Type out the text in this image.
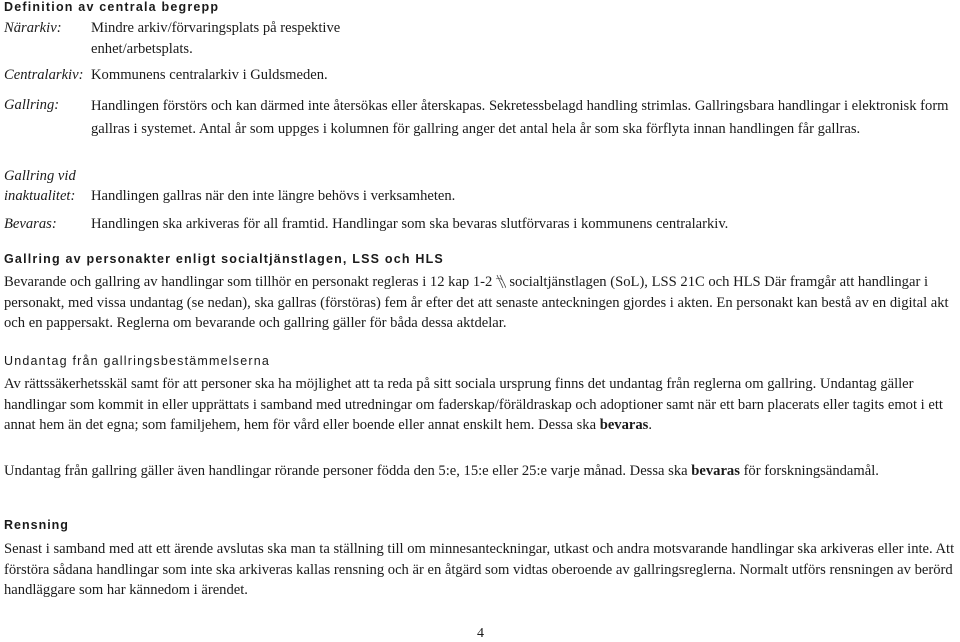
Definition av centrala begrepp
Närarkiv:	Mindre arkiv/förvaringsplats på respektive enhet/arbetsplats.
Centralarkiv: Kommunens centralarkiv i Guldsmeden.
Gallring:	Handlingen förstörs och kan därmed inte återsökas eller återskapas. Sekretessbelagd handling strimlas. Gallringsbara handlingar i elektronisk form gallras i systemet. Antal år som uppges i kolumnen för gallring anger det antal hela år som ska förflyta innan handlingen får gallras.
Gallring vid
inaktualitet:	Handlingen gallras när den inte längre behövs i verksamheten.
Bevaras:	Handlingen ska arkiveras för all framtid. Handlingar som ska bevaras slutförvaras i kommunens centralarkiv.
Gallring av personakter enligt socialtjänstlagen, LSS och HLS
Bevarande och gallring av handlingar som tillhör en personakt regleras i 12 kap 1-2 socialtjänstlagen (SoL), LSS 21C och HLS Där framgår att handlingar i personakt, med vissa undantag (se nedan), ska gallras (förstöras) fem år efter det att senaste anteckningen gjordes i akten. En personakt kan bestå av en digital akt och en pappersakt. Reglerna om bevarande och gallring gäller för båda dessa aktdelar.
Undantag från gallringsbestämmelserna
Av rättssäkerhetsskäl samt för att personer ska ha möjlighet att ta reda på sitt sociala ursprung finns det undantag från reglerna om gallring. Undantag gäller handlingar som kommit in eller upprättats i samband med utredningar om faderskap/föräldraskap och adoptioner samt när ett barn placerats eller tagits emot i ett annat hem än det egna; som familjehem, hem för vård eller boende eller annat enskilt hem. Dessa ska bevaras.
Undantag från gallring gäller även handlingar rörande personer födda den 5:e, 15:e eller 25:e varje månad. Dessa ska bevaras för forskningsändamål.
Rensning
Senast i samband med att ett ärende avslutas ska man ta ställning till om minnesanteckningar, utkast och andra motsvarande handlingar ska arkiveras eller inte. Att förstöra sådana handlingar som inte ska arkiveras kallas rensning och är en åtgärd som vidtas oberoende av gallringsreglerna. Normalt utförs rensningen av berörd handläggare som har kännedom i ärendet.
4
